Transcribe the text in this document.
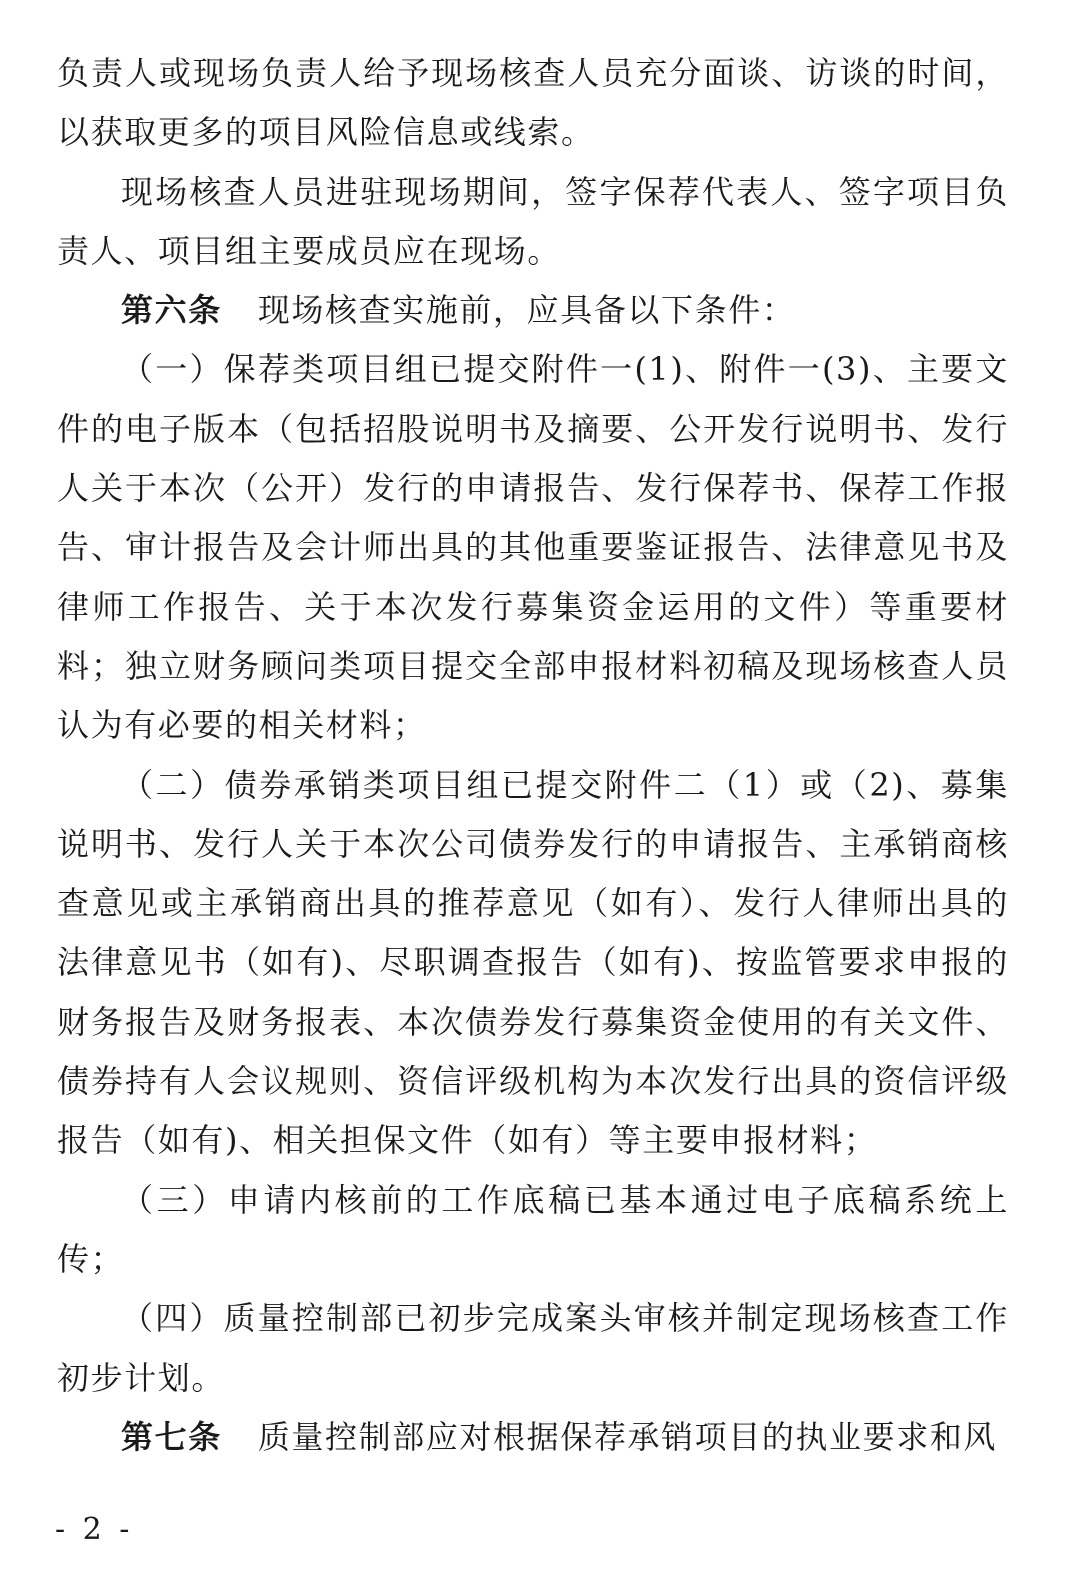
负责人或现场负责人给予现场核查人员充分面谈、访谈的时间，以获取更多的项目风险信息或线索。

现场核查人员进驻现场期间，签字保荐代表人、签字项目负责人、项目组主要成员应在现场。

第六条 现场核查实施前，应具备以下条件：

（一）保荐类项目组已提交附件一(1)、附件一(3)、主要文件的电子版本（包括招股说明书及摘要、公开发行说明书、发行人关于本次（公开）发行的申请报告、发行保荐书、保荐工作报告、审计报告及会计师出具的其他重要鉴证报告、法律意见书及律师工作报告、关于本次发行募集资金运用的文件）等重要材料；独立财务顾问类项目提交全部申报材料初稿及现场核查人员认为有必要的相关材料；

（二）债券承销类项目组已提交附件二（1）或（2)、募集说明书、发行人关于本次公司债券发行的申请报告、主承销商核查意见或主承销商出具的推荐意见（如有）、发行人律师出具的法律意见书（如有)、尽职调查报告（如有)、按监管要求申报的财务报告及财务报表、本次债券发行募集资金使用的有关文件、债券持有人会议规则、资信评级机构为本次发行出具的资信评级报告（如有)、相关担保文件（如有）等主要申报材料；

（三）申请内核前的工作底稿已基本通过电子底稿系统上传；

（四）质量控制部已初步完成案头审核并制定现场核查工作初步计划。

第七条 质量控制部应对根据保荐承销项目的执业要求和风

- 2 -
